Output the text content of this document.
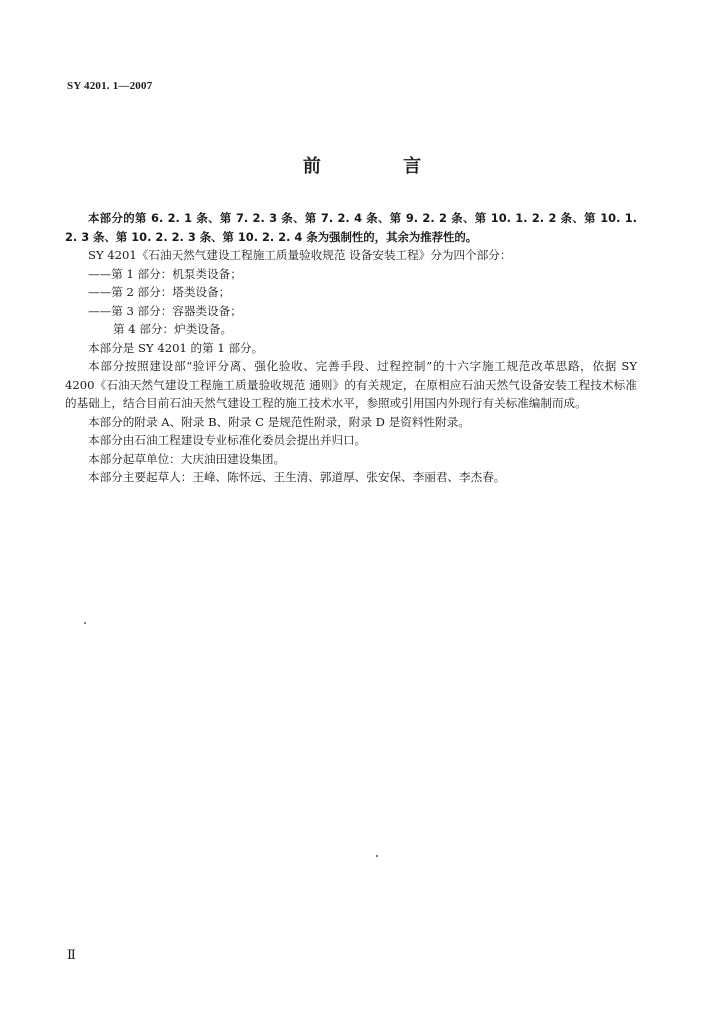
SY 4201. 1—2007
前 言

本部分的第 6. 2. 1 条、第 7. 2. 3 条、第 7. 2. 4 条、第 9. 2. 2 条、第 10. 1. 2. 2 条、第 10. 1. 2. 3 条、第 10. 2. 2. 3 条、第 10. 2. 2. 4 条为强制性的，其余为推荐性的。

SY 4201《石油天然气建设工程施工质量验收规范 设备安装工程》分为四个部分：

——第 1 部分：机泵类设备；

——第 2 部分：塔类设备；

——第 3 部分：容器类设备；

第 4 部分：炉类设备。

本部分是 SY 4201 的第 1 部分。

本部分按照建设部“验评分离、强化验收、完善手段、过程控制”的十六字施工规范改革思路，依据 SY 4200《石油天然气建设工程施工质量验收规范 通则》的有关规定，在原相应石油天然气设备安装工程技术标准的基础上，结合目前石油天然气建设工程的施工技术水平，参照或引用国内外现行有关标准编制而成。

本部分的附录 A、附录 B、附录 C 是规范性附录，附录 D 是资料性附录。

本部分由石油工程建设专业标准化委员会提出并归口。

本部分起草单位：大庆油田建设集团。

本部分主要起草人：王峰、陈怀远、王生清、郭道厚、张安保、李丽君、李杰春。

Ⅱ
